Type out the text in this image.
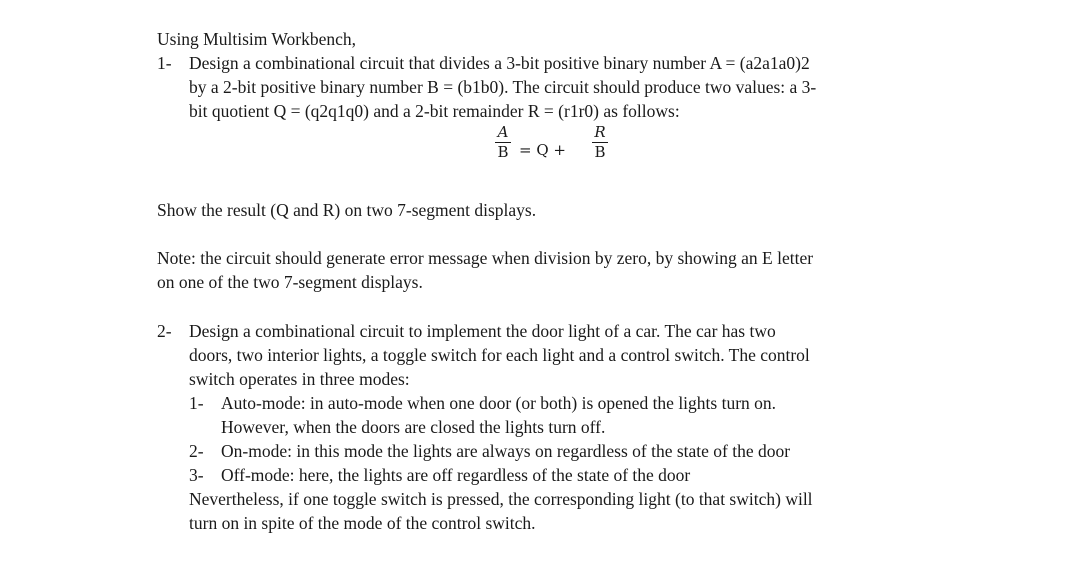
Using Multisim Workbench,
1- Design a combinational circuit that divides a 3-bit positive binary number A = (a2a1a0)2
by a 2-bit positive binary number B = (b1b0). The circuit should produce two values: a 3-
bit quotient Q = (q2q1q0) and a 2-bit remainder R = (r1r0) as follows:
A
B = Q +
R
B
Show the result (Q and R) on two 7-segment displays.
Note: the circuit should generate error message when division by zero, by showing an E letter
on one of the two 7-segment displays.
2- Design a combinational circuit to implement the door light of a car. The car has two
doors, two interior lights, a toggle switch for each light and a control switch. The control
switch operates in three modes:
1- Auto-mode: in auto-mode when one door (or both) is opened the lights turn on.
However, when the doors are closed the lights turn off.
2- On-mode: in this mode the lights are always on regardless of the state of the door
3- Off-mode: here, the lights are off regardless of the state of the door
Nevertheless, if one toggle switch is pressed, the corresponding light (to that switch) will
turn on in spite of the mode of the control switch.
